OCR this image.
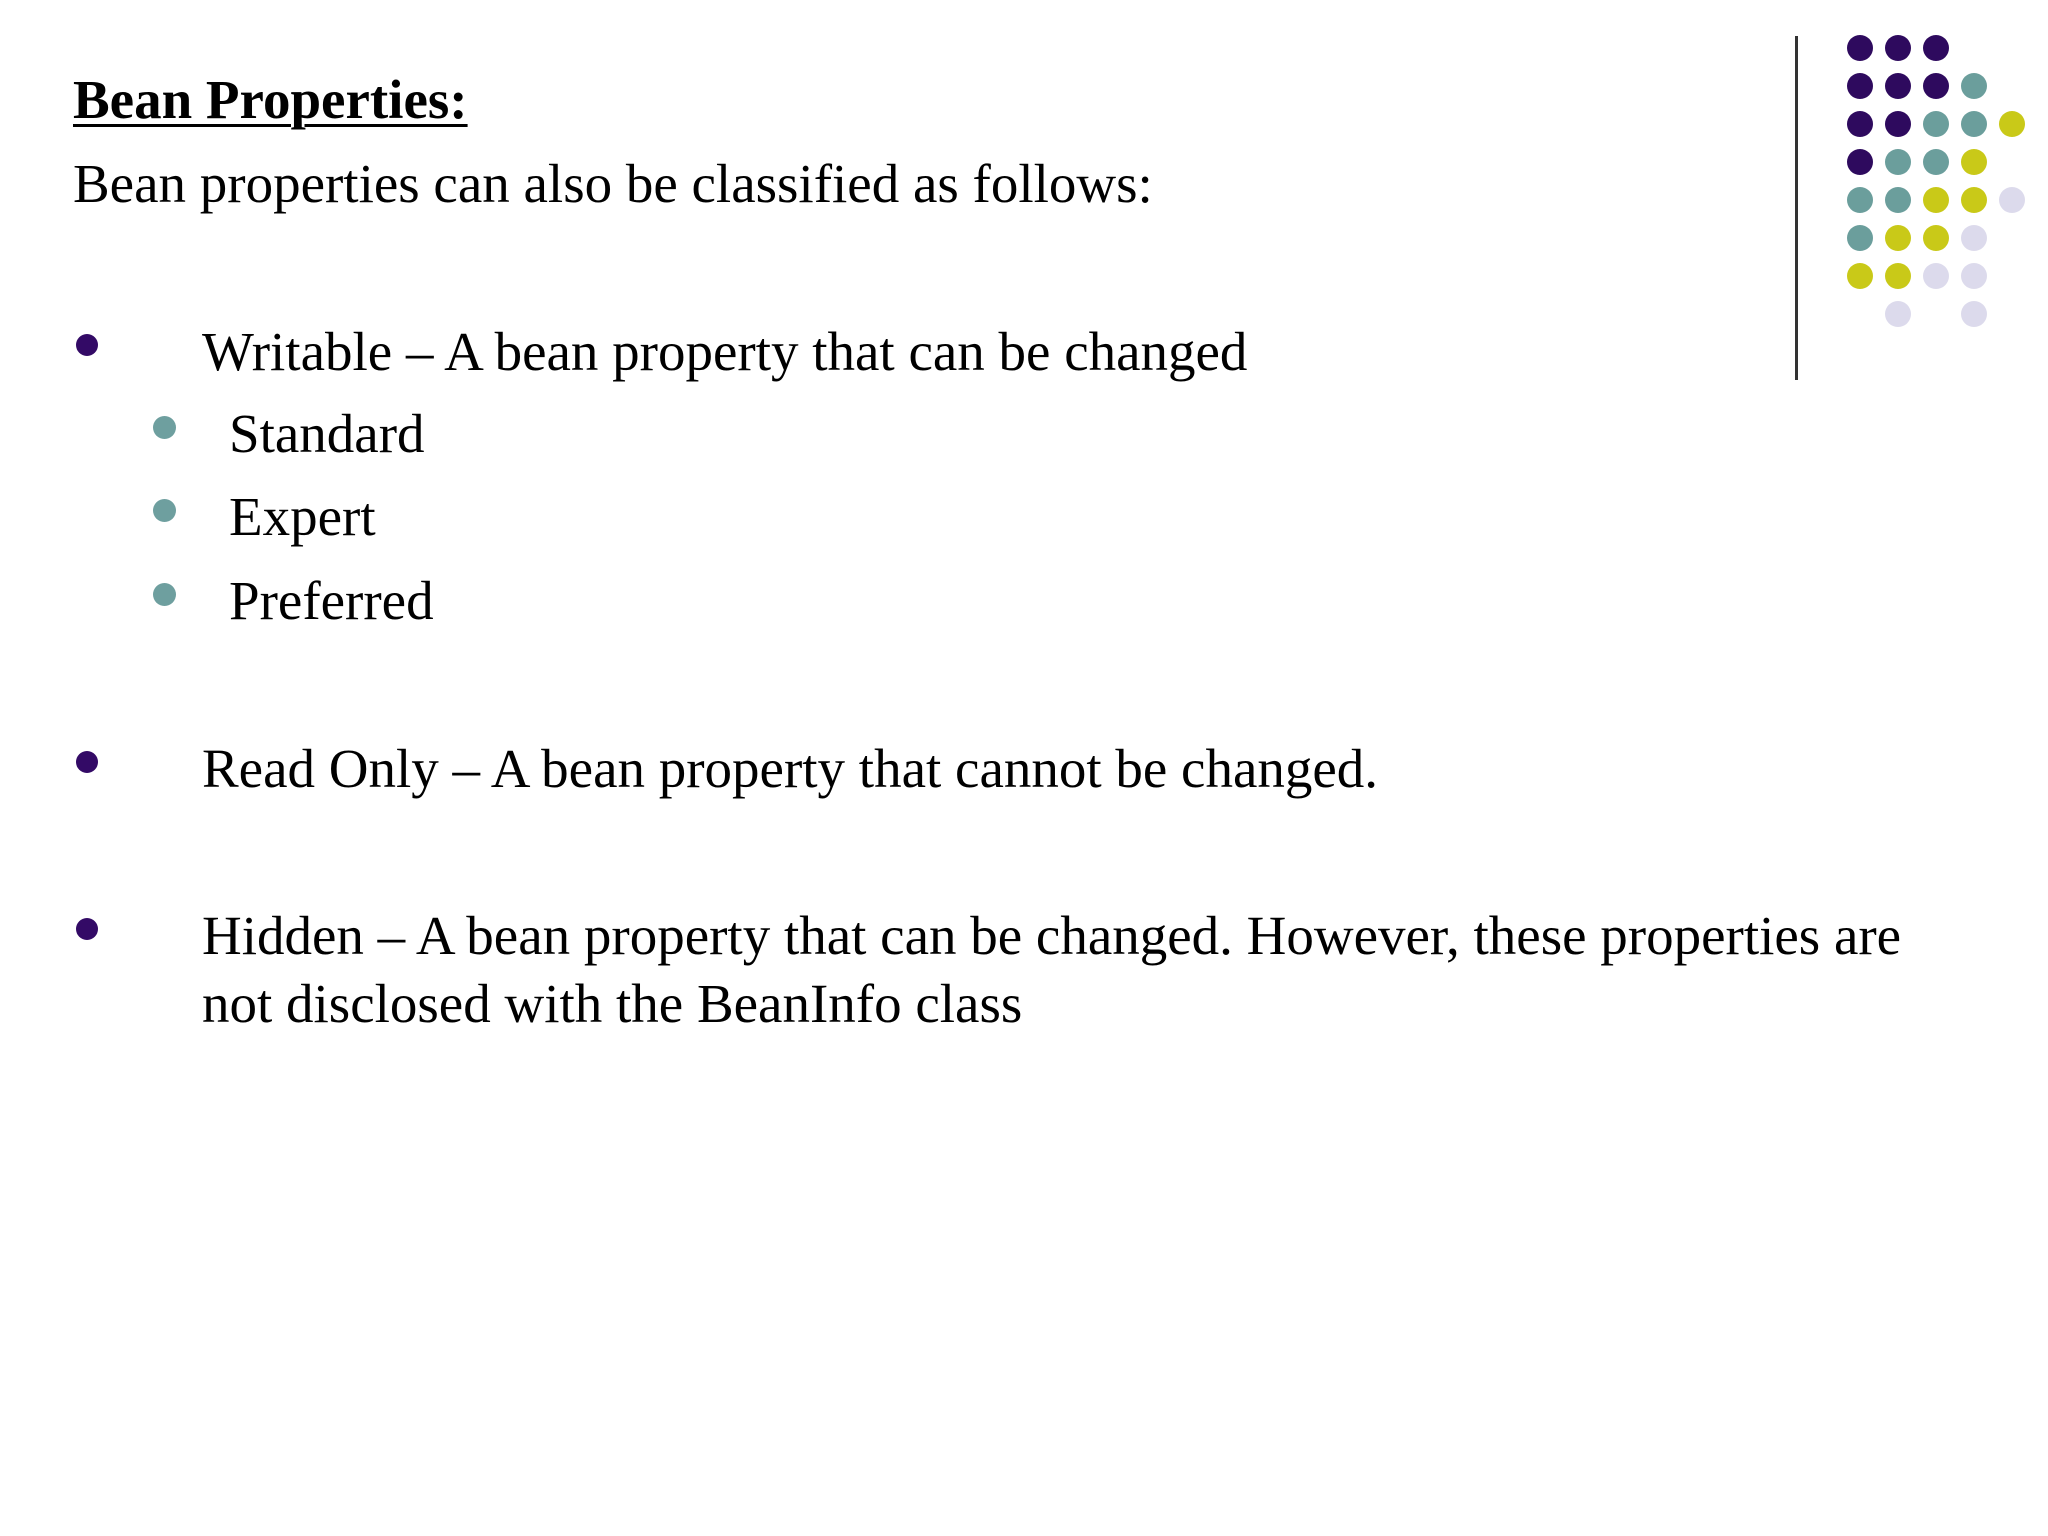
Bean Properties:
Bean properties can also be classified as follows:
Writable – A bean property that can be changed
Standard
Expert
Preferred
Read Only – A bean property that cannot be changed.
Hidden – A bean property that can be changed. However, these properties are not disclosed with the BeanInfo class
